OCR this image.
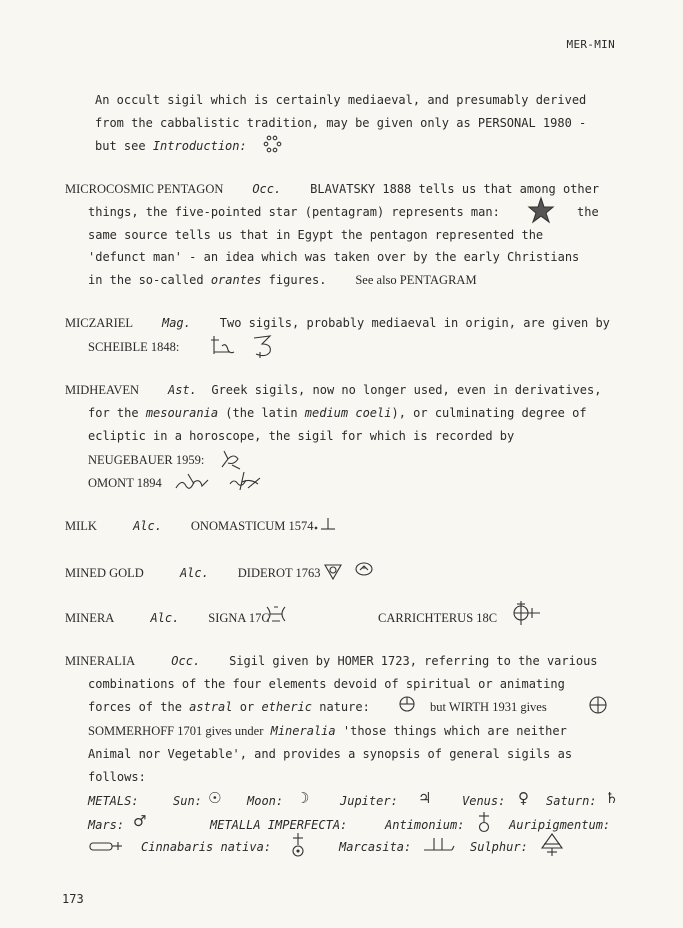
MER-MIN
An occult sigil which is certainly mediaeval, and presumably derived
from the cabbalistic tradition, may be given only as PERSONAL 1980 -
but see Introduction:
MICROCOSMIC PENTAGON Occ. BLAVATSKY 1888 tells us that among other
things, the five-pointed star (pentagram) represents man:	the
same source tells us that in Egypt the pentagon represented the
'defunct man' - an idea which was taken over by the early Christians
in the so-called orantes figures. See also PENTAGRAM
MICZARIEL Mag. Two sigils, probably mediaeval in origin, are given by
SCHEIBLE 1848:
MIDHEAVEN Ast. Greek sigils, now no longer used, even in derivatives,
for the mesourania (the latin medium coeli), or culminating degree of
ecliptic in a horoscope, the sigil for which is recorded by
NEUGEBAUER 1959:
OMONT 1894
MILK	Alc. ONOMASTICUM 1574
MINED GOLD	Alc. DIDEROT 1763
MINERA	Alc. SIGNA 17C	CARRICHTERUS 18C
MINERALIA	Occ. Sigil given by HOMER 1723, referring to the various
combinations of the four elements devoid of spiritual or animating
forces of the astral or etheric nature:	but WIRTH 1931 gives
SOMMERHOFF 1701 gives under Mineralia 'those things which are neither
Animal nor Vegetable', and provides a synopsis of general sigils as
follows:
METALS:	Sun: ☉ Moon: ☽	Jupiter: ♃	Venus: ♀ Saturn: ♄
Mars: ♂	METALLA IMPERFECTA:	Antimonium:	Auripigmentum:
Cinnabaris nativa:	Marcasita:	Sulphur:
173
